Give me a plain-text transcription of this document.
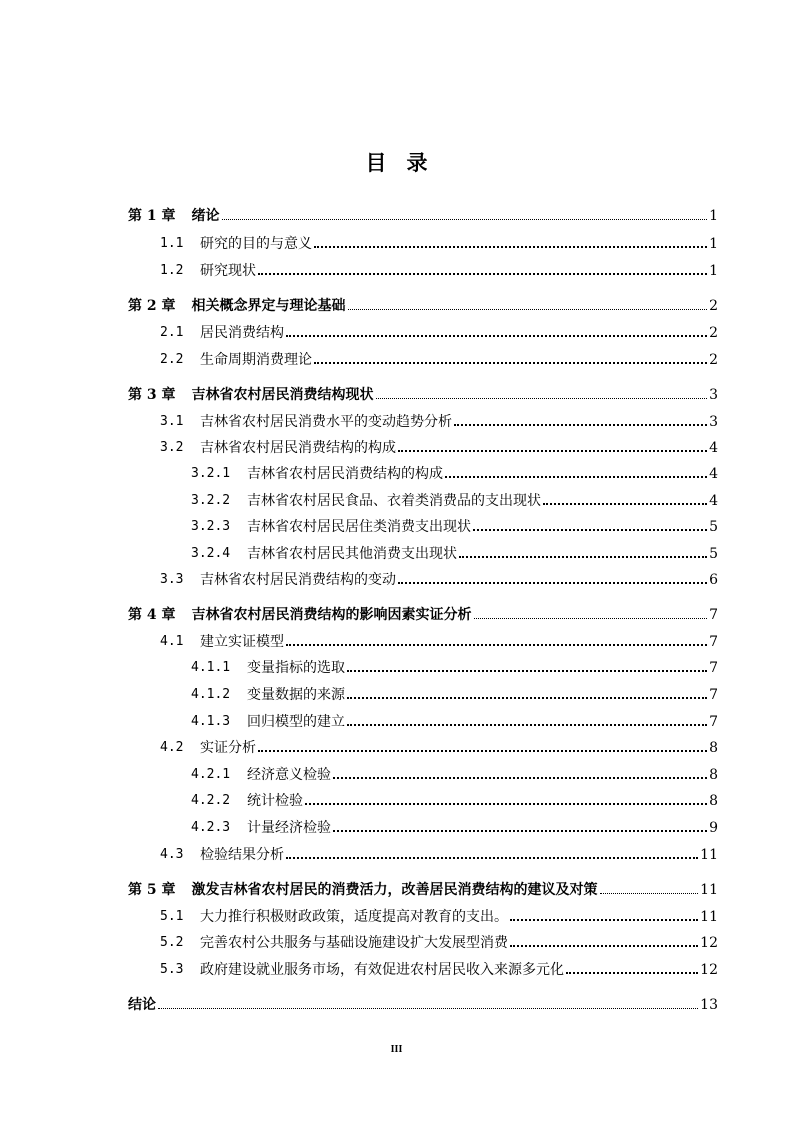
目录
第 1 章 绪论	1
1.1	研究的目的与意义	1
1.2	研究现状	1
第 2 章 相关概念界定与理论基础	2
2.1	居民消费结构	2
2.2	生命周期消费理论	2
第 3 章 吉林省农村居民消费结构现状	3
3.1	吉林省农村居民消费水平的变动趋势分析	3
3.2	吉林省农村居民消费结构的构成	4
3.2.1	吉林省农村居民消费结构的构成	4
3.2.2	吉林省农村居民食品、衣着类消费品的支出现状	4
3.2.3	吉林省农村居民居住类消费支出现状	5
3.2.4	吉林省农村居民其他消费支出现状	5
3.3	吉林省农村居民消费结构的变动	6
第 4 章 吉林省农村居民消费结构的影响因素实证分析	7
4.1	建立实证模型	7
4.1.1	变量指标的选取	7
4.1.2	变量数据的来源	7
4.1.3	回归模型的建立	7
4.2	实证分析	8
4.2.1	经济意义检验	8
4.2.2	统计检验	8
4.2.3	计量经济检验	9
4.3	检验结果分析	11
第 5 章 激发吉林省农村居民的消费活力，改善居民消费结构的建议及对策	11
5.1	大力推行积极财政政策，适度提高对教育的支出。	11
5.2	完善农村公共服务与基础设施建设扩大发展型消费	12
5.3	政府建设就业服务市场，有效促进农村居民收入来源多元化	12
结论	13
III
